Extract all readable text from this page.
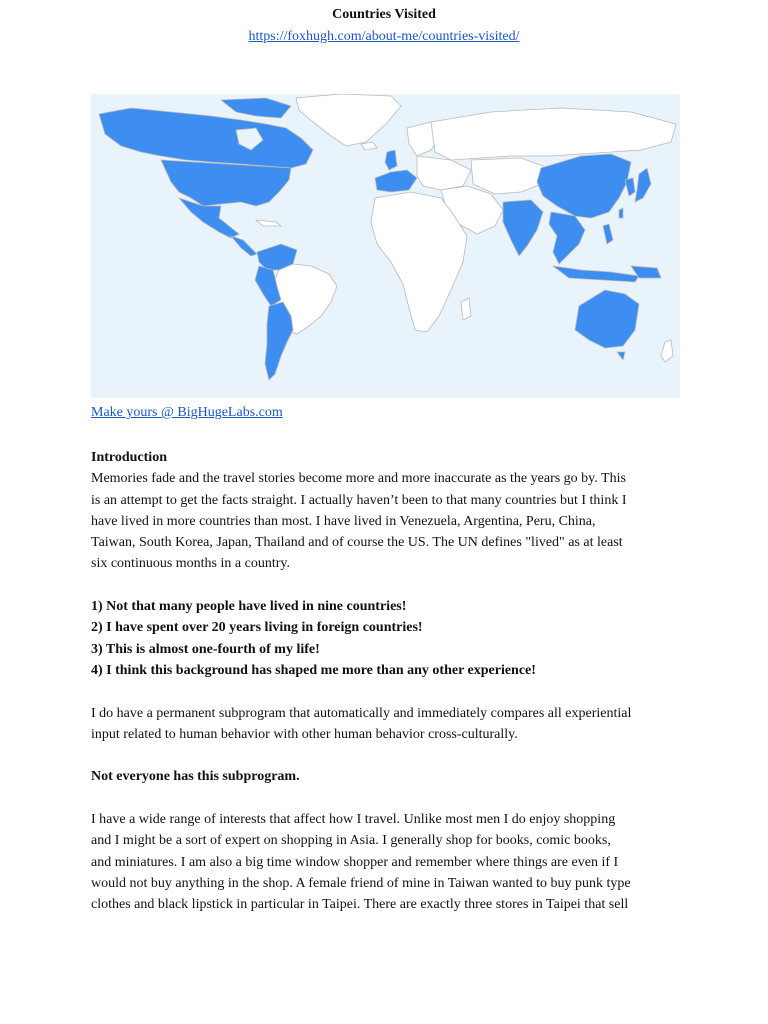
Countries Visited
https://foxhugh.com/about-me/countries-visited/
Make yours @ BigHugeLabs.com

Introduction

Memories fade and the travel stories become more and more inaccurate as the years go by. This
is an attempt to get the facts straight. I actually haven’t been to that many countries but I think I
have lived in more countries than most. I have lived in Venezuela, Argentina, Peru, China,
Taiwan, South Korea, Japan, Thailand and of course the US. The UN defines "lived" as at least
six continuous months in a country.

1) Not that many people have lived in nine countries!
2) I have spent over 20 years living in foreign countries!
3) This is almost one-fourth of my life!
4) I think this background has shaped me more than any other experience!

I do have a permanent subprogram that automatically and immediately compares all experiential
input related to human behavior with other human behavior cross-culturally.

Not everyone has this subprogram.

I have a wide range of interests that affect how I travel. Unlike most men I do enjoy shopping
and I might be a sort of expert on shopping in Asia. I generally shop for books, comic books,
and miniatures. I am also a big time window shopper and remember where things are even if I
would not buy anything in the shop. A female friend of mine in Taiwan wanted to buy punk type
clothes and black lipstick in particular in Taipei. There are exactly three stores in Taipei that sell
